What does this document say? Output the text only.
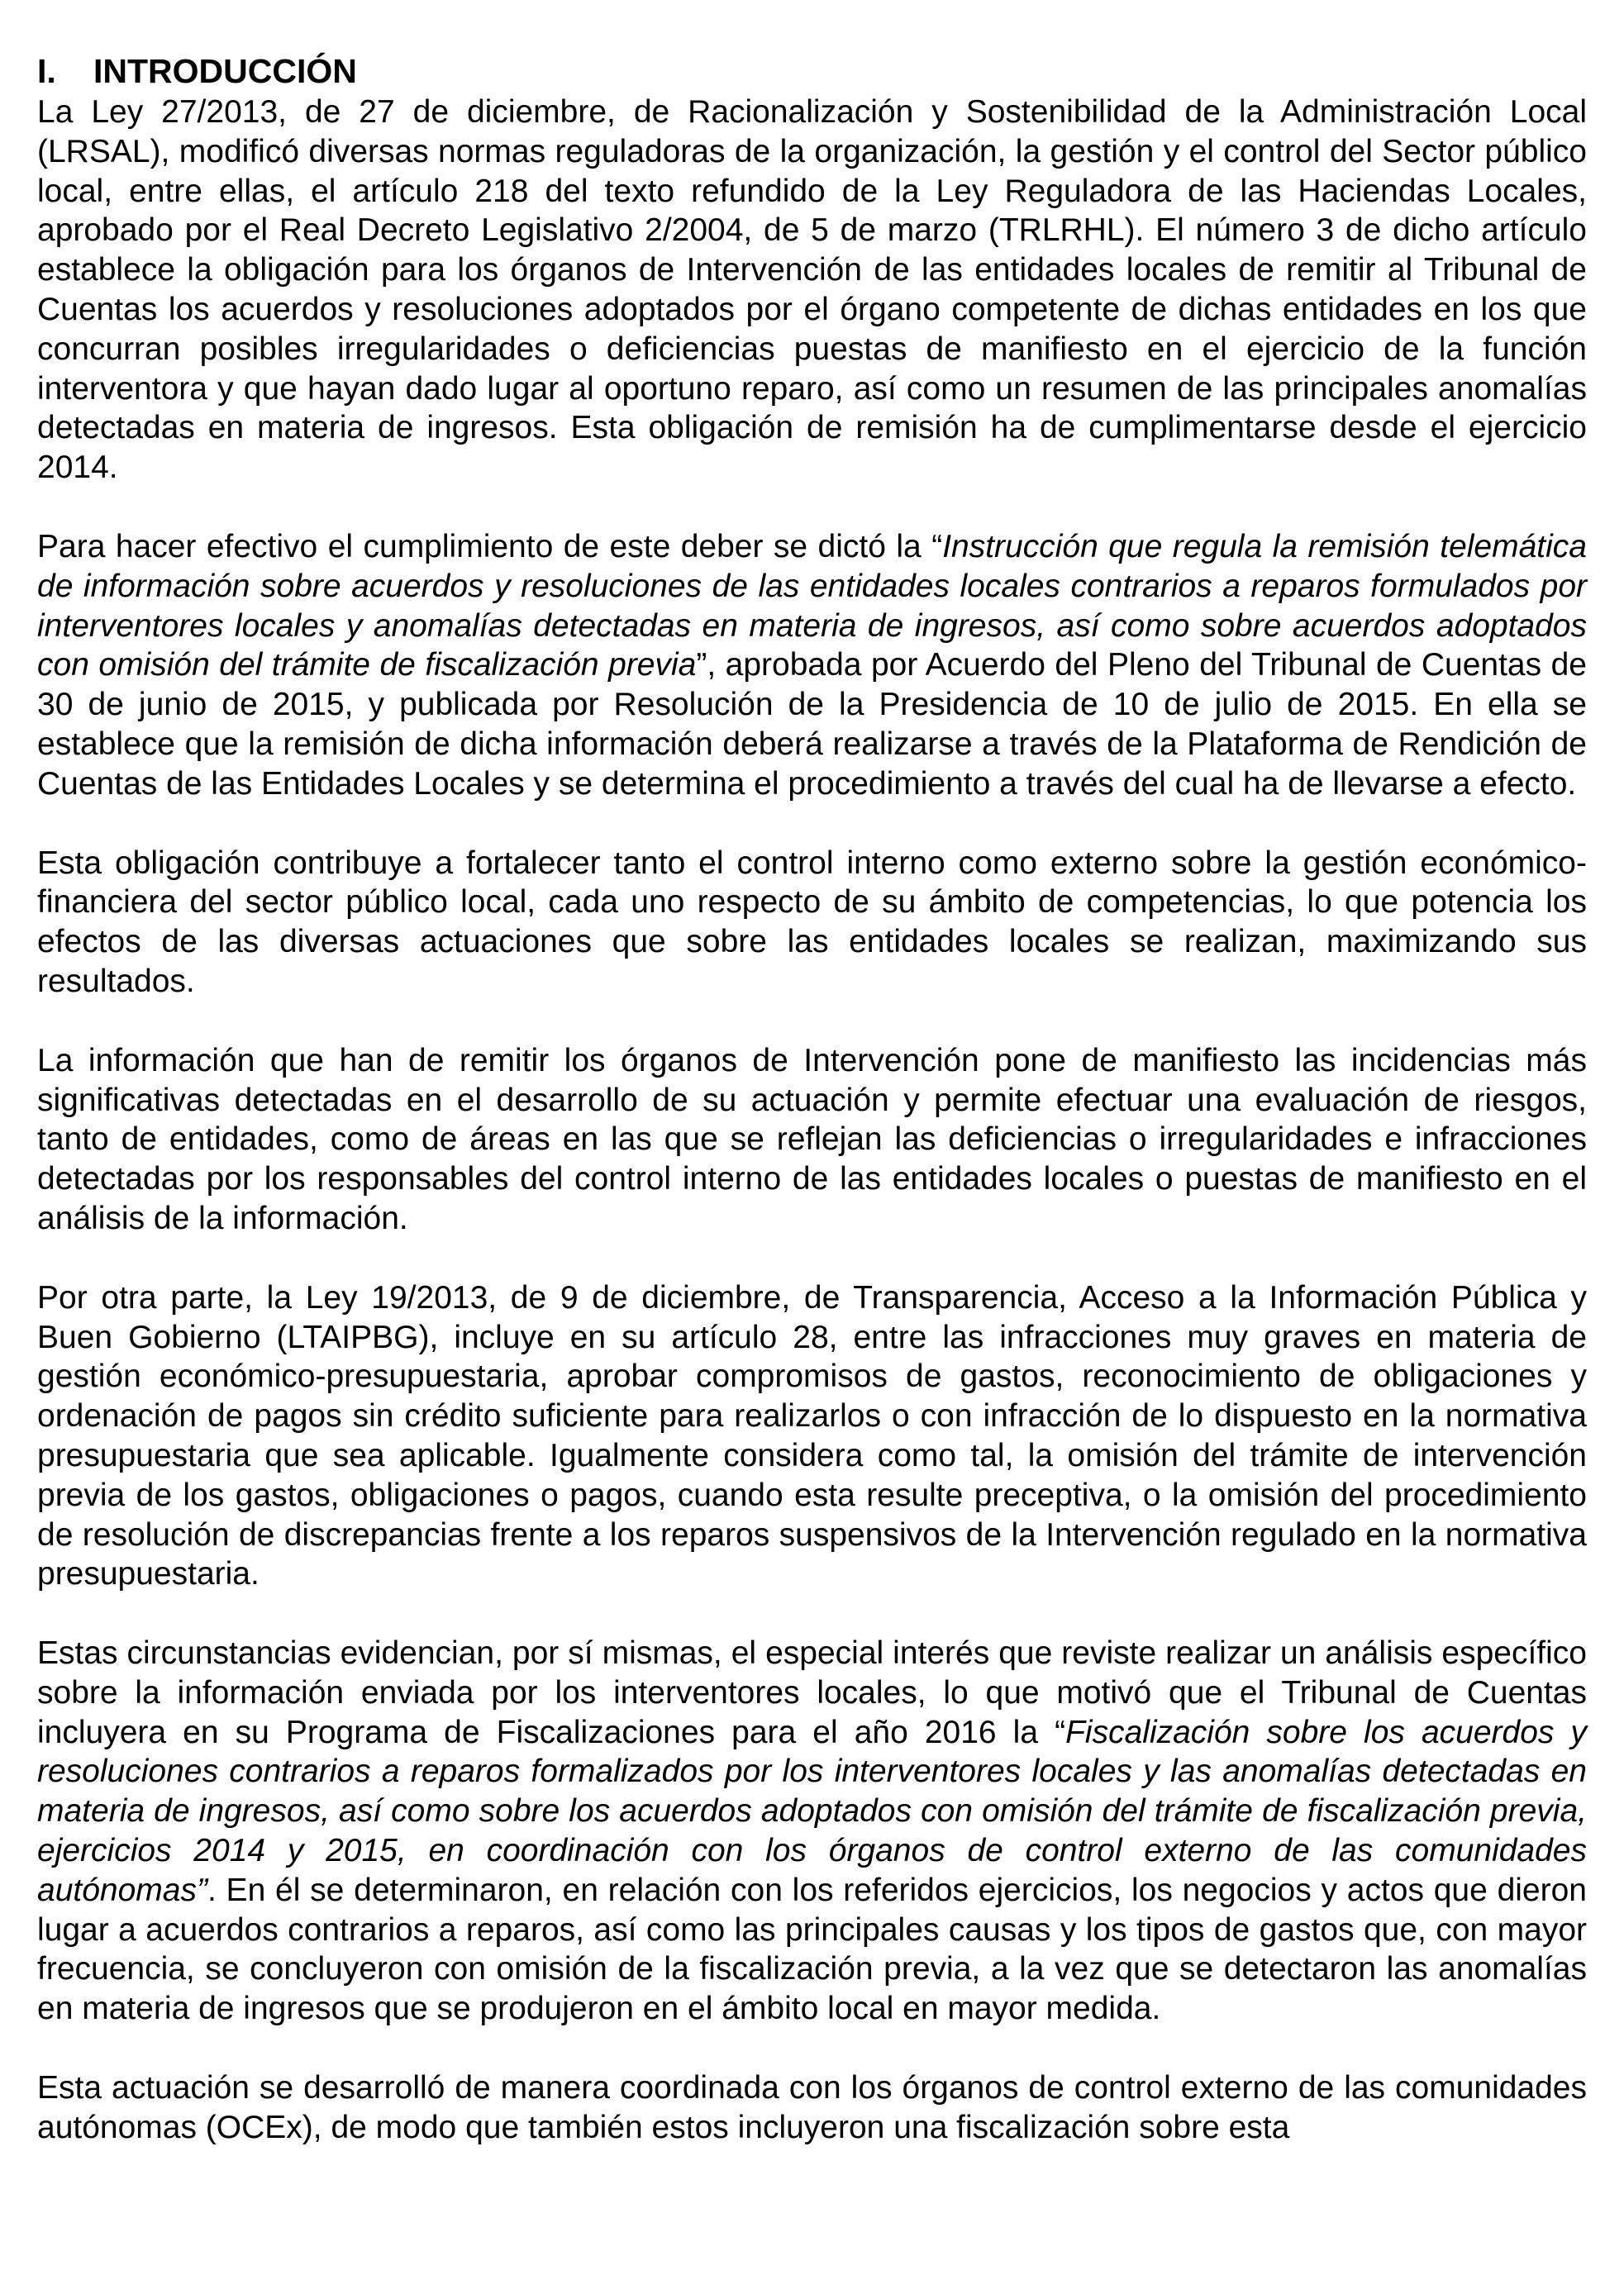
I.	INTRODUCCIÓN

La Ley 27/2013, de 27 de diciembre, de Racionalización y Sostenibilidad de la Administración Local (LRSAL), modificó diversas normas reguladoras de la organización, la gestión y el control del Sector público local, entre ellas, el artículo 218 del texto refundido de la Ley Reguladora de las Haciendas Locales, aprobado por el Real Decreto Legislativo 2/2004, de 5 de marzo (TRLRHL). El número 3 de dicho artículo establece la obligación para los órganos de Intervención de las entidades locales de remitir al Tribunal de Cuentas los acuerdos y resoluciones adoptados por el órgano competente de dichas entidades en los que concurran posibles irregularidades o deficiencias puestas de manifiesto en el ejercicio de la función interventora y que hayan dado lugar al oportuno reparo, así como un resumen de las principales anomalías detectadas en materia de ingresos. Esta obligación de remisión ha de cumplimentarse desde el ejercicio 2014.

Para hacer efectivo el cumplimiento de este deber se dictó la “Instrucción que regula la remisión telemática de información sobre acuerdos y resoluciones de las entidades locales contrarios a reparos formulados por interventores locales y anomalías detectadas en materia de ingresos, así como sobre acuerdos adoptados con omisión del trámite de fiscalización previa”, aprobada por Acuerdo del Pleno del Tribunal de Cuentas de 30 de junio de 2015, y publicada por Resolución de la Presidencia de 10 de julio de 2015. En ella se establece que la remisión de dicha información deberá realizarse a través de la Plataforma de Rendición de Cuentas de las Entidades Locales y se determina el procedimiento a través del cual ha de llevarse a efecto.

Esta obligación contribuye a fortalecer tanto el control interno como externo sobre la gestión económico-financiera del sector público local, cada uno respecto de su ámbito de competencias, lo que potencia los efectos de las diversas actuaciones que sobre las entidades locales se realizan, maximizando sus resultados.

La información que han de remitir los órganos de Intervención pone de manifiesto las incidencias más significativas detectadas en el desarrollo de su actuación y permite efectuar una evaluación de riesgos, tanto de entidades, como de áreas en las que se reflejan las deficiencias o irregularidades e infracciones detectadas por los responsables del control interno de las entidades locales o puestas de manifiesto en el análisis de la información.

Por otra parte, la Ley 19/2013, de 9 de diciembre, de Transparencia, Acceso a la Información Pública y Buen Gobierno (LTAIPBG), incluye en su artículo 28, entre las infracciones muy graves en materia de gestión económico-presupuestaria, aprobar compromisos de gastos, reconocimiento de obligaciones y ordenación de pagos sin crédito suficiente para realizarlos o con infracción de lo dispuesto en la normativa presupuestaria que sea aplicable. Igualmente considera como tal, la omisión del trámite de intervención previa de los gastos, obligaciones o pagos, cuando esta resulte preceptiva, o la omisión del procedimiento de resolución de discrepancias frente a los reparos suspensivos de la Intervención regulado en la normativa presupuestaria.

Estas circunstancias evidencian, por sí mismas, el especial interés que reviste realizar un análisis específico sobre la información enviada por los interventores locales, lo que motivó que el Tribunal de Cuentas incluyera en su Programa de Fiscalizaciones para el año 2016 la “Fiscalización sobre los acuerdos y resoluciones contrarios a reparos formalizados por los interventores locales y las anomalías detectadas en materia de ingresos, así como sobre los acuerdos adoptados con omisión del trámite de fiscalización previa, ejercicios 2014 y 2015, en coordinación con los órganos de control externo de las comunidades autónomas”. En él se determinaron, en relación con los referidos ejercicios, los negocios y actos que dieron lugar a acuerdos contrarios a reparos, así como las principales causas y los tipos de gastos que, con mayor frecuencia, se concluyeron con omisión de la fiscalización previa, a la vez que se detectaron las anomalías en materia de ingresos que se produjeron en el ámbito local en mayor medida.

Esta actuación se desarrolló de manera coordinada con los órganos de control externo de las comunidades autónomas (OCEx), de modo que también estos incluyeron una fiscalización sobre esta
